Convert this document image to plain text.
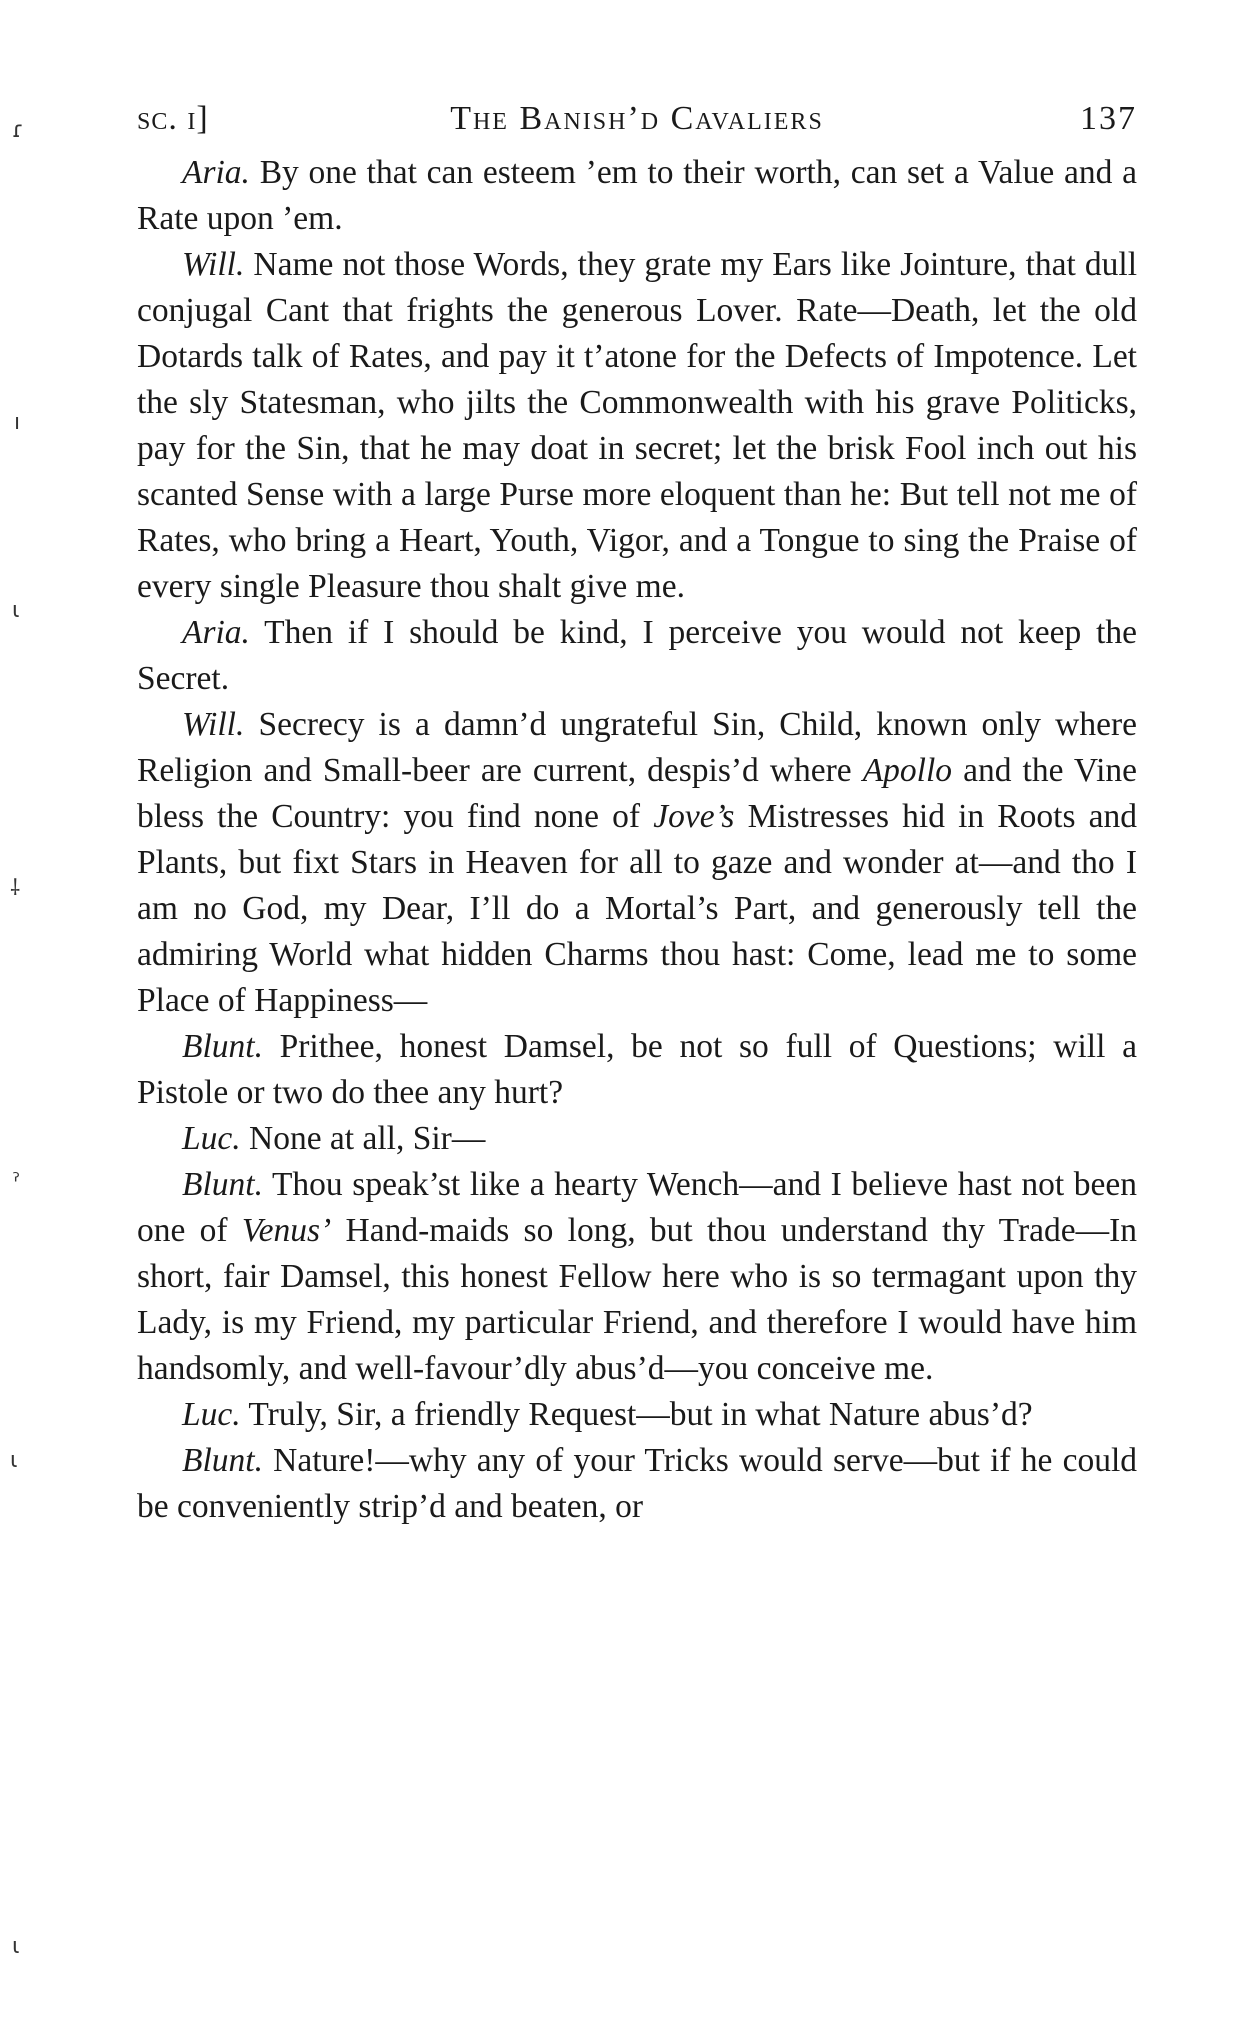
sc. i]	The Banish’d Cavaliers	137

Aria. By one that can esteem ’em to their worth, can set a Value and a Rate upon ’em.

Will. Name not those Words, they grate my Ears like Jointure, that dull conjugal Cant that frights the generous Lover. Rate—Death, let the old Dotards talk of Rates, and pay it t’atone for the Defects of Impotence. Let the sly Statesman, who jilts the Commonwealth with his grave Politicks, pay for the Sin, that he may doat in secret; let the brisk Fool inch out his scanted Sense with a large Purse more eloquent than he: But tell not me of Rates, who bring a Heart, Youth, Vigor, and a Tongue to sing the Praise of every single Pleasure thou shalt give me.

Aria. Then if I should be kind, I perceive you would not keep the Secret.

Will. Secrecy is a damn’d ungrateful Sin, Child, known only where Religion and Small-beer are current, despis’d where Apollo and the Vine bless the Country: you find none of Jove’s Mistresses hid in Roots and Plants, but fixt Stars in Heaven for all to gaze and wonder at—and tho I am no God, my Dear, I’ll do a Mortal’s Part, and generously tell the admiring World what hidden Charms thou hast: Come, lead me to some Place of Happiness—

Blunt. Prithee, honest Damsel, be not so full of Questions; will a Pistole or two do thee any hurt?

Luc. None at all, Sir—

Blunt. Thou speak’st like a hearty Wench—and I believe hast not been one of Venus’ Hand-maids so long, but thou understand thy Trade—In short, fair Damsel, this honest Fellow here who is so termagant upon thy Lady, is my Friend, my particular Friend, and therefore I would have him handsomly, and well-favour’dly abus’d—you conceive me.

Luc. Truly, Sir, a friendly Request—but in what Nature abus’d?

Blunt. Nature!—why any of your Tricks would serve—but if he could be conveniently strip’d and beaten, or

ɾ
ı
ɩ
⸸
ˀ
ɩ
ɩ
